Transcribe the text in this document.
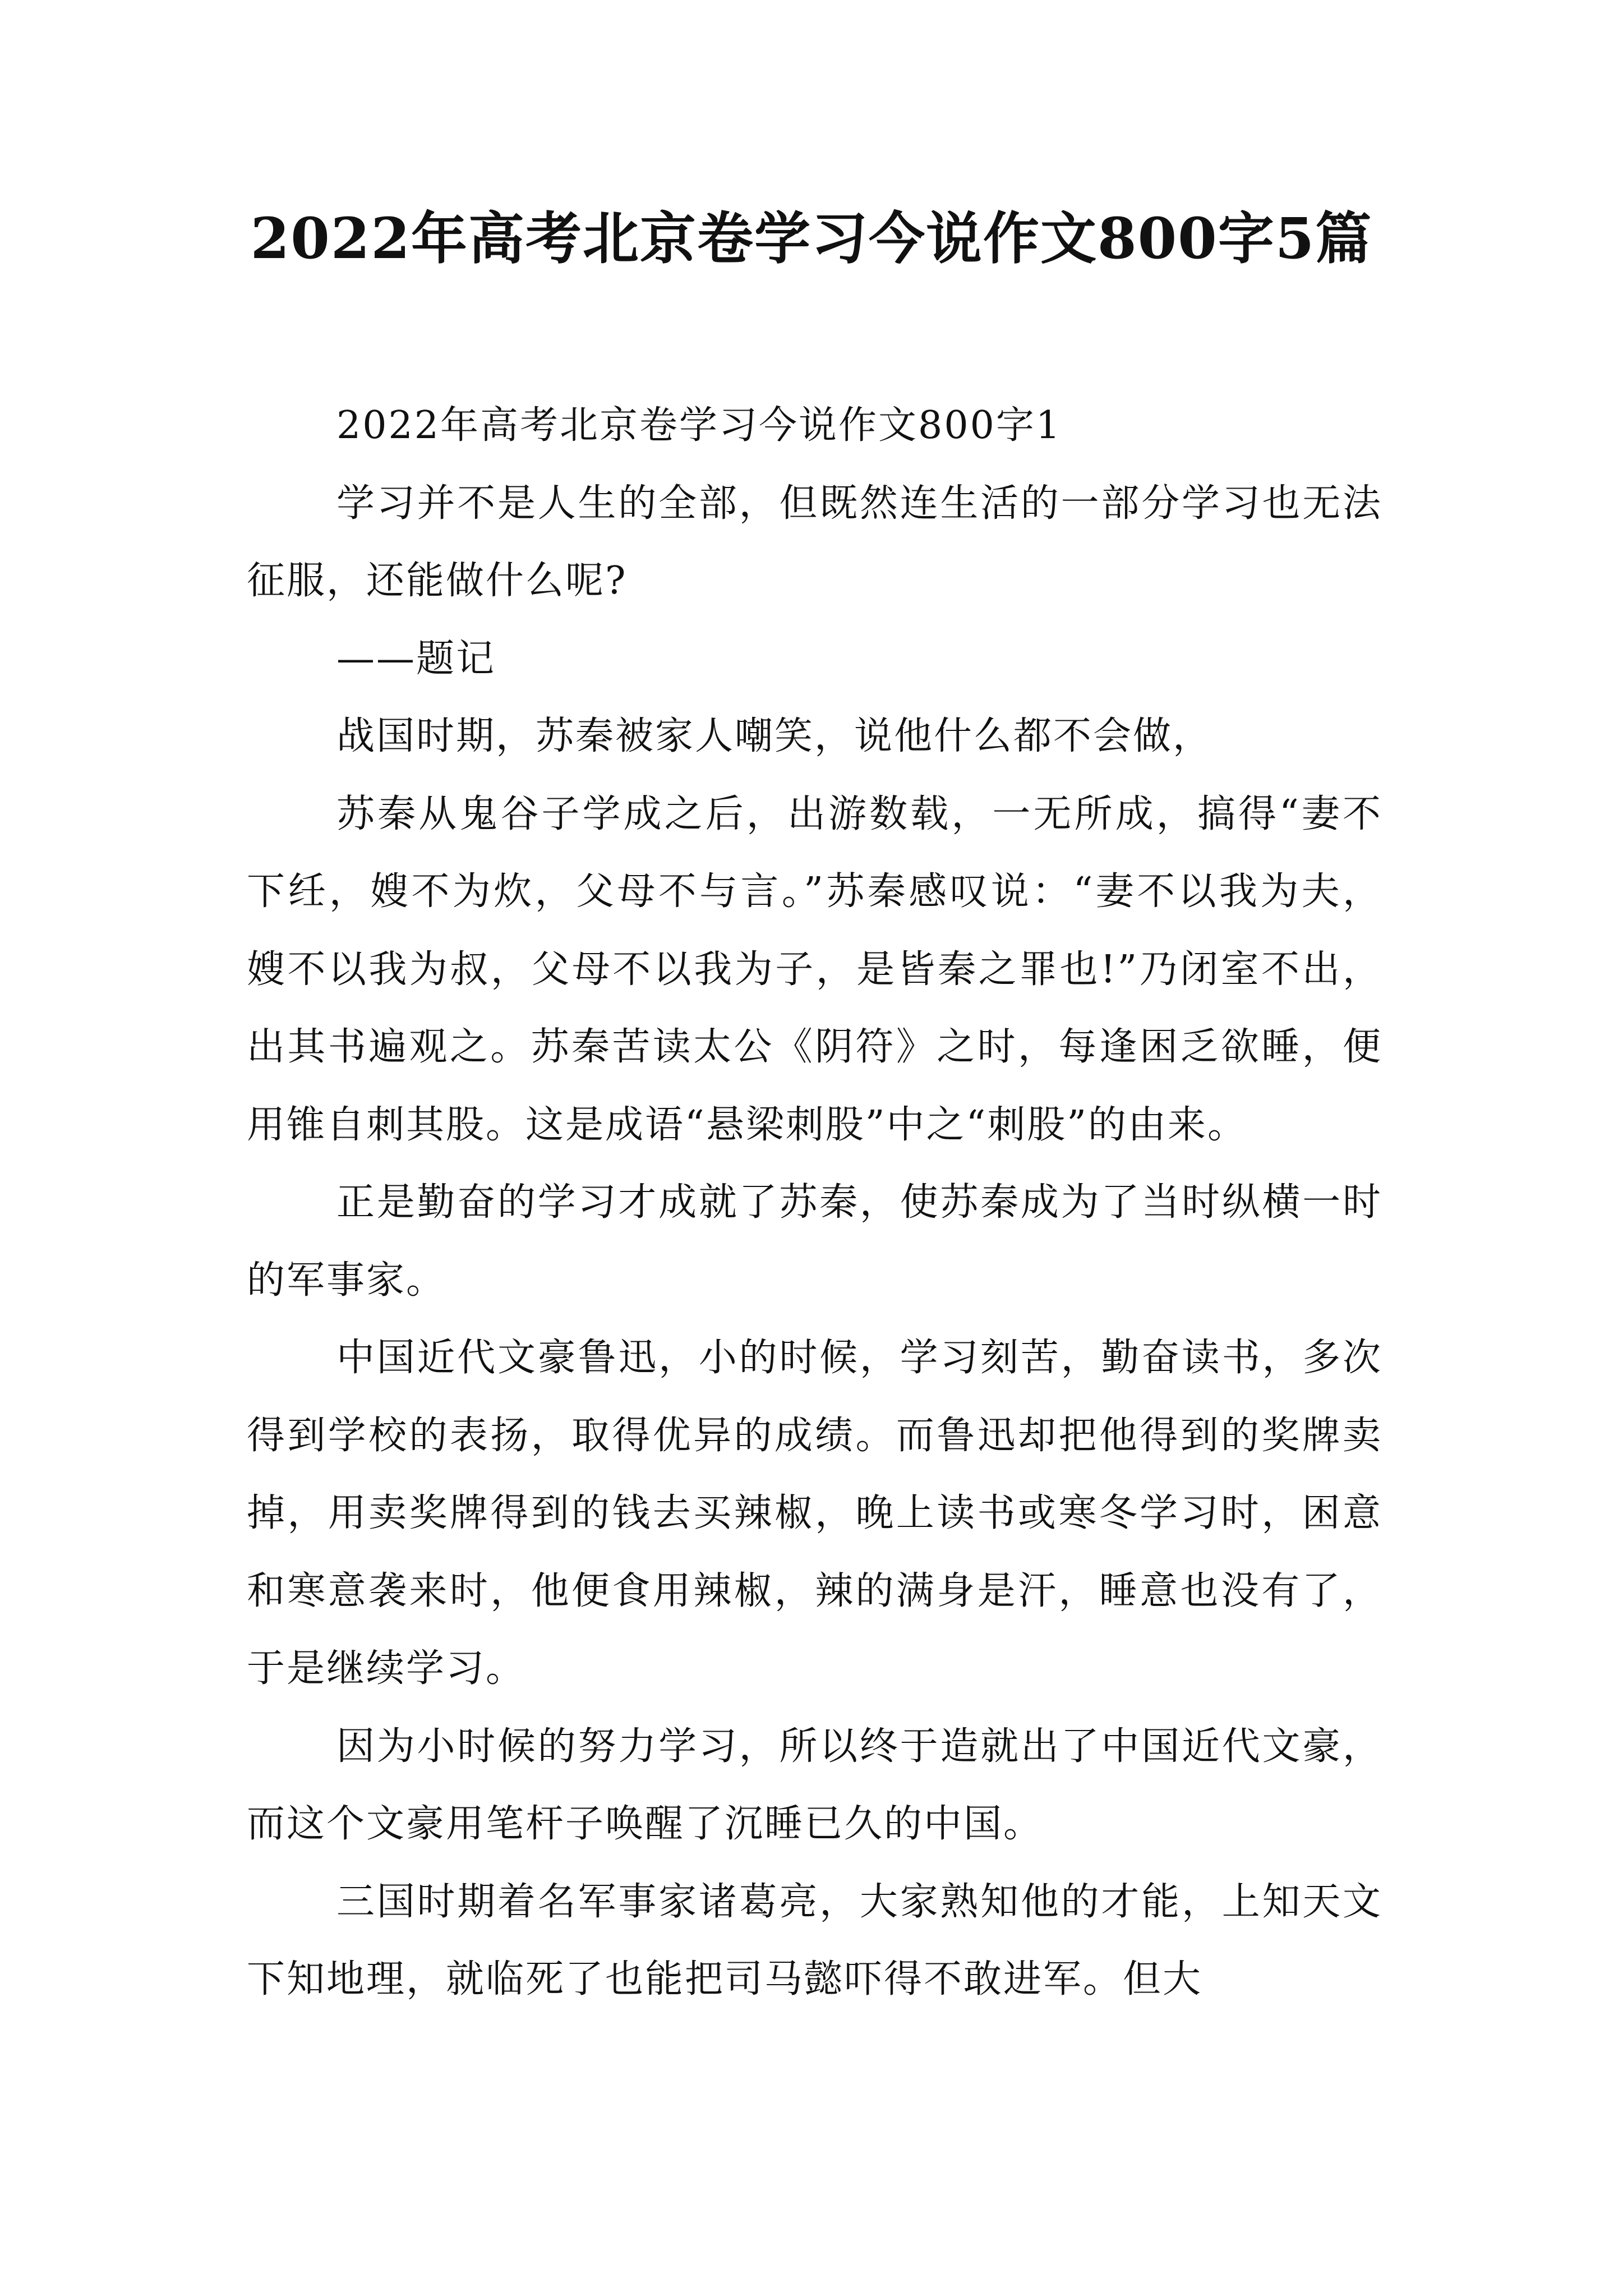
2022年高考北京卷学习今说作文800字5篇

2022年高考北京卷学习今说作文800字1

学习并不是人生的全部，但既然连生活的一部分学习也无法征服，还能做什么呢?

——题记

战国时期，苏秦被家人嘲笑，说他什么都不会做，

苏秦从鬼谷子学成之后，出游数载，一无所成，搞得“妻不下纴，嫂不为炊，父母不与言。”苏秦感叹说：“妻不以我为夫，嫂不以我为叔，父母不以我为子，是皆秦之罪也!”乃闭室不出，出其书遍观之。苏秦苦读太公《阴符》之时，每逢困乏欲睡，便用锥自刺其股。这是成语“悬梁刺股”中之“刺股”的由来。

正是勤奋的学习才成就了苏秦，使苏秦成为了当时纵横一时的军事家。

中国近代文豪鲁迅，小的时候，学习刻苦，勤奋读书，多次得到学校的表扬，取得优异的成绩。而鲁迅却把他得到的奖牌卖掉，用卖奖牌得到的钱去买辣椒，晚上读书或寒冬学习时，困意和寒意袭来时，他便食用辣椒，辣的满身是汗，睡意也没有了，于是继续学习。

因为小时候的努力学习，所以终于造就出了中国近代文豪，而这个文豪用笔杆子唤醒了沉睡已久的中国。

三国时期着名军事家诸葛亮，大家熟知他的才能，上知天文下知地理，就临死了也能把司马懿吓得不敢进军。但大
